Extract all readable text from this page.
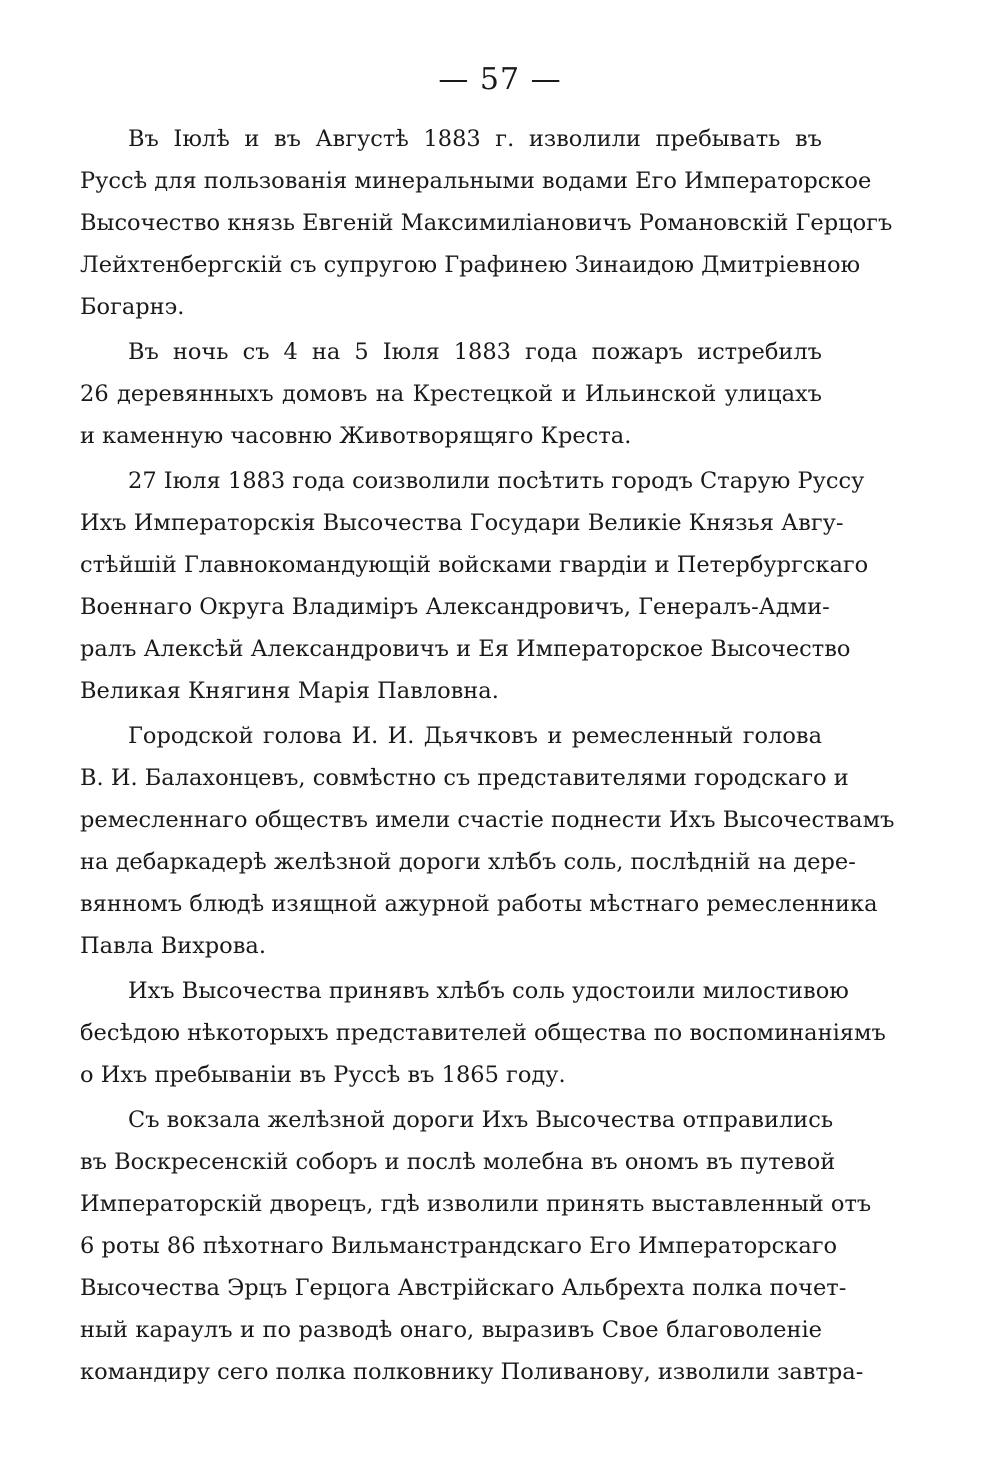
— 57 —
Въ Іюлѣ и въ Августѣ 1883 г. изволили пребывать въ
Руссѣ для пользованія минеральными водами Его Императорское
Высочество князь Евгеній Максимиліановичъ Романовскій Герцогъ
Лейхтенбергскій съ супругою Графинею Зинаидою Дмитріевною
Богарнэ.
Въ ночь съ 4 на 5 Іюля 1883 года пожаръ истребилъ
26 деревянныхъ домовъ на Крестецкой и Ильинской улицахъ
и каменную часовню Животворящяго Креста.
27 Іюля 1883 года соизволили посѣтить городъ Старую Руссу
Ихъ Императорскія Высочества Государи Великіе Князья Авгу-
стѣйшій Главнокомандующій войсками гвардіи и Петербургскаго
Военнаго Округа Владиміръ Александровичъ, Генералъ-Адми-
ралъ Алексѣй Александровичъ и Ея Императорское Высочество
Великая Княгиня Марія Павловна.
Городской голова И. И. Дьячковъ и ремесленный голова
В. И. Балахонцевъ, совмѣстно съ представителями городскаго и
ремесленнаго обществъ имели счастіе поднести Ихъ Высочествамъ
на дебаркадерѣ желѣзной дороги хлѣбъ соль, послѣдній на дере-
вянномъ блюдѣ изящной ажурной работы мѣстнаго ремесленника
Павла Вихрова.
Ихъ Высочества принявъ хлѣбъ соль удостоили милостивою
бесѣдою нѣкоторыхъ представителей общества по воспоминаніямъ
о Ихъ пребываніи въ Руссѣ въ 1865 году.
Съ вокзала желѣзной дороги Ихъ Высочества отправились
въ Воскресенскій соборъ и послѣ молебна въ ономъ въ путевой
Императорскій дворецъ, гдѣ изволили принять выставленный отъ
6 роты 86 пѣхотнаго Вильманстрандскаго Его Императорскаго
Высочества Эрцъ Герцога Австрійскаго Альбрехта полка почет-
ный караулъ и по разводѣ онаго, выразивъ Свое благоволеніе
командиру сего полка полковнику Поливанову, изволили завтра-
